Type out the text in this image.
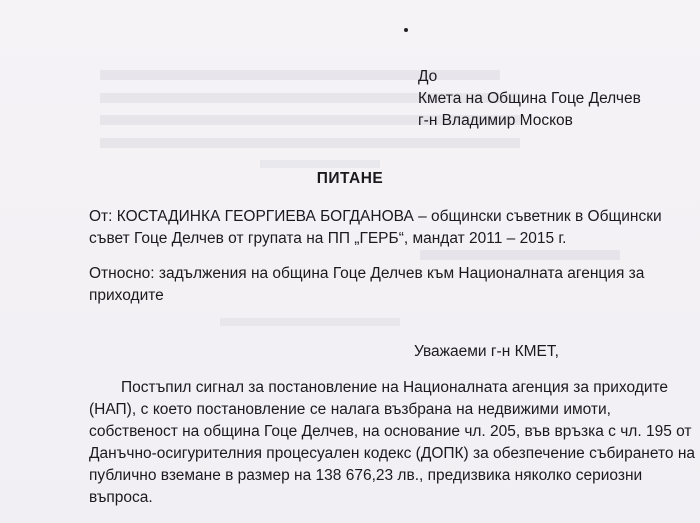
До
Кмета на Община Гоце Делчев
г-н Владимир Москов
ПИТАНЕ
От: КОСТАДИНКА ГЕОРГИЕВА БОГДАНОВА – общински съветник в Общински
съвет Гоце Делчев от групата на ПП „ГЕРБ“, мандат 2011 – 2015 г.
Относно: задължения на община Гоце Делчев към Националната агенция за
приходите
Уважаеми г-н КМЕТ,
Постъпил сигнал за постановление на Националната агенция за приходите
(НАП), с което постановление се налага възбрана на недвижими имоти,
собственост на община Гоце Делчев, на основание чл. 205, във връзка с чл. 195 от
Данъчно-осигурителния процесуален кодекс (ДОПК) за обезпечение събирането на
публично вземане в размер на 138 676,23 лв., предизвика няколко сериозни
въпроса.
